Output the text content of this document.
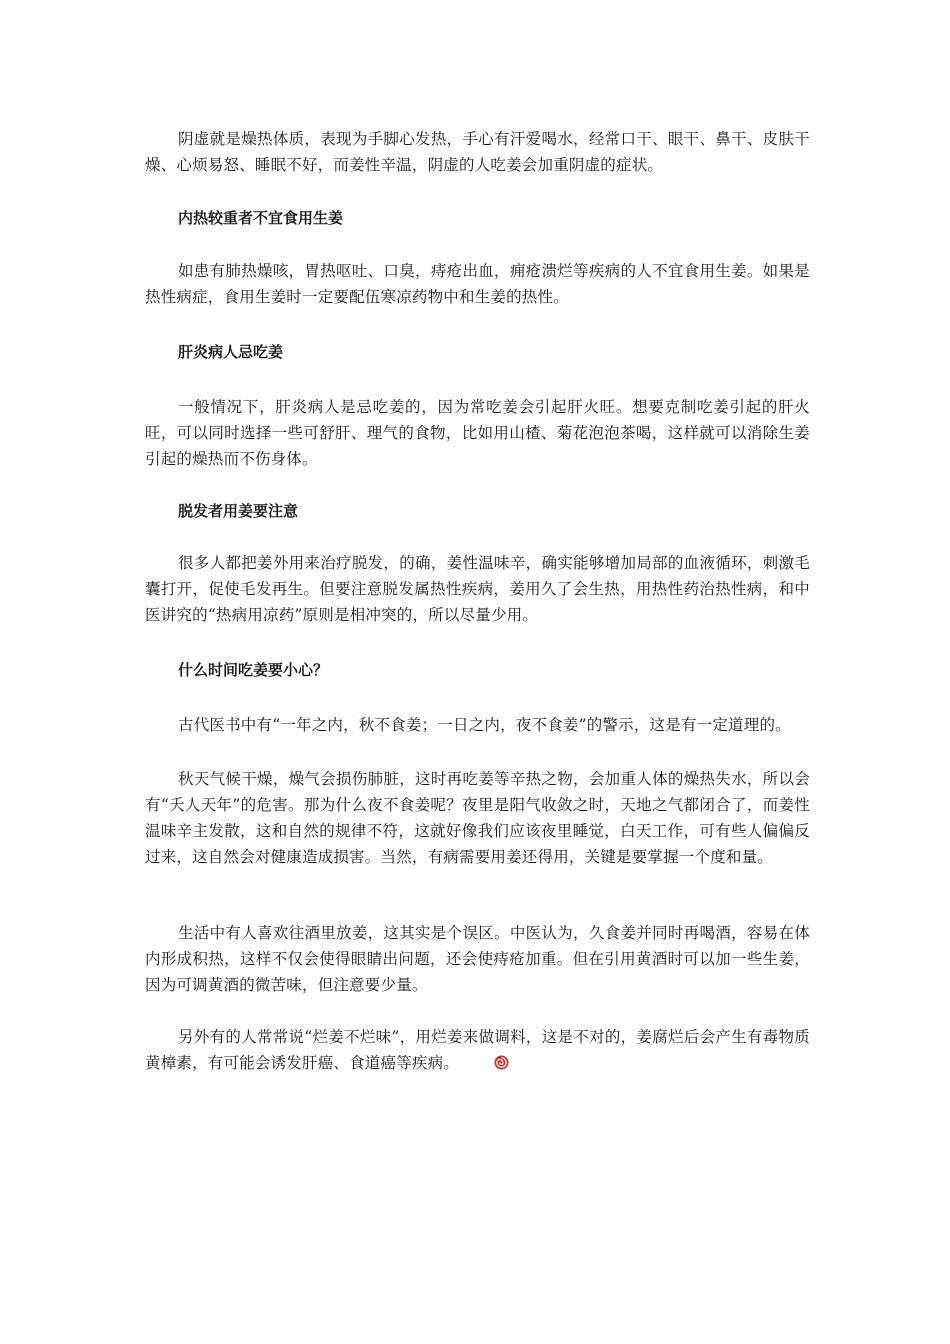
阴虚就是燥热体质，表现为手脚心发热，手心有汗爱喝水，经常口干、眼干、鼻干、皮肤干燥、心烦易怒、睡眠不好，而姜性辛温，阴虚的人吃姜会加重阴虚的症状。

内热较重者不宜食用生姜

如患有肺热燥咳，胃热呕吐、口臭，痔疮出血，痈疮溃烂等疾病的人不宜食用生姜。如果是热性病症，食用生姜时一定要配伍寒凉药物中和生姜的热性。

肝炎病人忌吃姜

一般情况下，肝炎病人是忌吃姜的，因为常吃姜会引起肝火旺。想要克制吃姜引起的肝火旺，可以同时选择一些可舒肝、理气的食物，比如用山楂、菊花泡泡茶喝，这样就可以消除生姜引起的燥热而不伤身体。

脱发者用姜要注意

很多人都把姜外用来治疗脱发，的确，姜性温味辛，确实能够增加局部的血液循环，刺激毛囊打开，促使毛发再生。但要注意脱发属热性疾病，姜用久了会生热，用热性药治热性病，和中医讲究的“热病用凉药”原则是相冲突的，所以尽量少用。

什么时间吃姜要小心？

古代医书中有“一年之内，秋不食姜；一日之内，夜不食姜”的警示，这是有一定道理的。

秋天气候干燥，燥气会损伤肺脏，这时再吃姜等辛热之物，会加重人体的燥热失水，所以会有“夭人天年”的危害。那为什么夜不食姜呢？夜里是阳气收敛之时，天地之气都闭合了，而姜性温味辛主发散，这和自然的规律不符，这就好像我们应该夜里睡觉，白天工作，可有些人偏偏反过来，这自然会对健康造成损害。当然，有病需要用姜还得用，关键是要掌握一个度和量。

生活中有人喜欢往酒里放姜，这其实是个误区。中医认为，久食姜并同时再喝酒，容易在体内形成积热，这样不仅会使得眼睛出问题，还会使痔疮加重。但在引用黄酒时可以加一些生姜，因为可调黄酒的微苦味，但注意要少量。

另外有的人常常说“烂姜不烂味”，用烂姜来做调料，这是不对的，姜腐烂后会产生有毒物质黄樟素，有可能会诱发肝癌、食道癌等疾病。
